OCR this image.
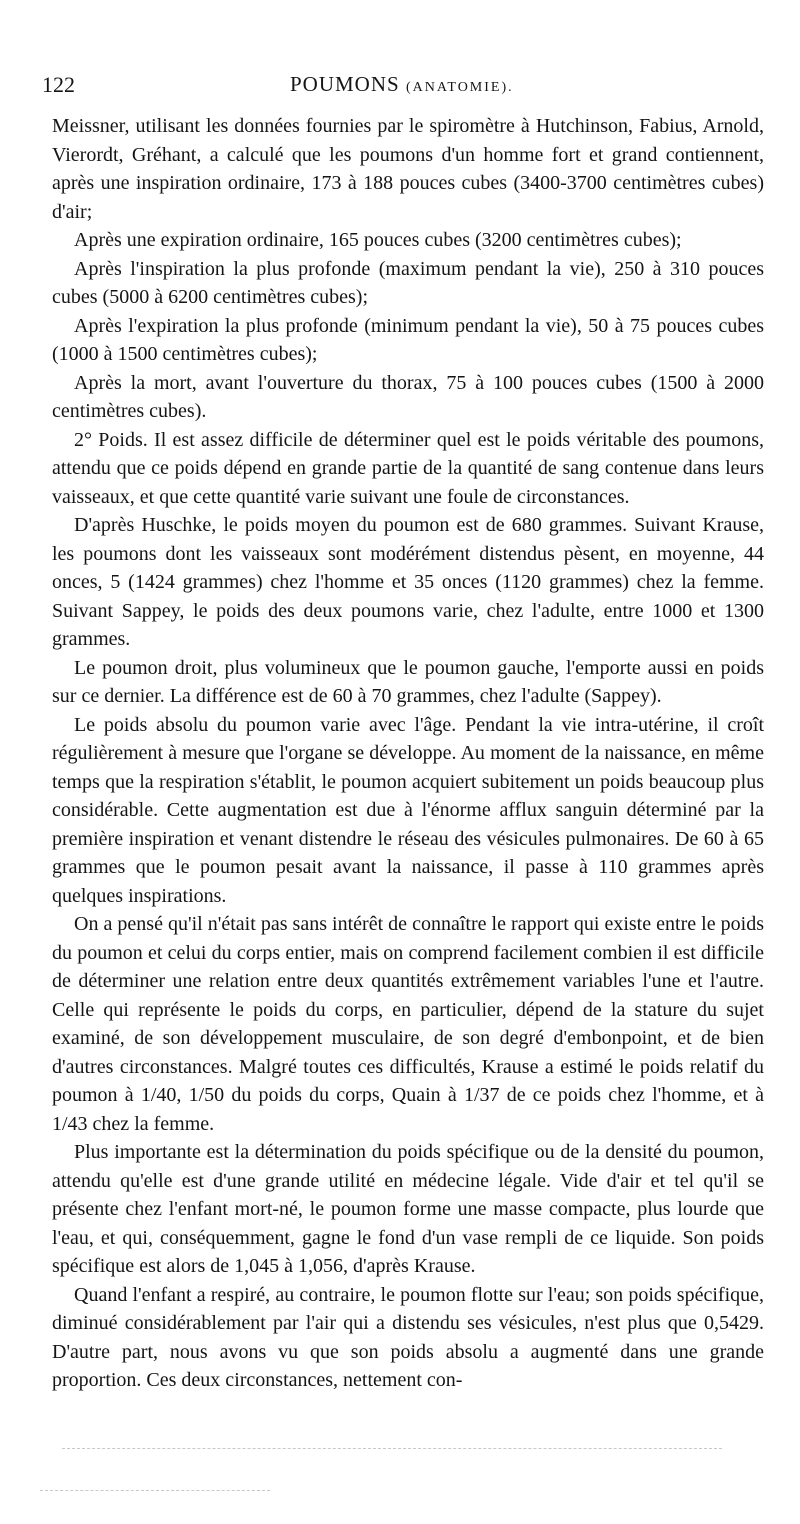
122	POUMONS (ANATOMIE).

Meissner, utilisant les données fournies par le spiromètre à Hutchinson, Fabius, Arnold, Vierordt, Gréhant, a calculé que les poumons d'un homme fort et grand contiennent, après une inspiration ordinaire, 173 à 188 pouces cubes (3400-3700 centimètres cubes) d'air;

Après une expiration ordinaire, 165 pouces cubes (3200 centimètres cubes);

Après l'inspiration la plus profonde (maximum pendant la vie), 250 à 310 pouces cubes (5000 à 6200 centimètres cubes);

Après l'expiration la plus profonde (minimum pendant la vie), 50 à 75 pouces cubes (1000 à 1500 centimètres cubes);

Après la mort, avant l'ouverture du thorax, 75 à 100 pouces cubes (1500 à 2000 centimètres cubes).

2° Poids. Il est assez difficile de déterminer quel est le poids véritable des poumons, attendu que ce poids dépend en grande partie de la quantité de sang contenue dans leurs vaisseaux, et que cette quantité varie suivant une foule de circonstances.

D'après Huschke, le poids moyen du poumon est de 680 grammes. Suivant Krause, les poumons dont les vaisseaux sont modérément distendus pèsent, en moyenne, 44 onces, 5 (1424 grammes) chez l'homme et 35 onces (1120 grammes) chez la femme. Suivant Sappey, le poids des deux poumons varie, chez l'adulte, entre 1000 et 1300 grammes.

Le poumon droit, plus volumineux que le poumon gauche, l'emporte aussi en poids sur ce dernier. La différence est de 60 à 70 grammes, chez l'adulte (Sappey).

Le poids absolu du poumon varie avec l'âge. Pendant la vie intra-utérine, il croît régulièrement à mesure que l'organe se développe. Au moment de la naissance, en même temps que la respiration s'établit, le poumon acquiert subitement un poids beaucoup plus considérable. Cette augmentation est due à l'énorme afflux sanguin déterminé par la première inspiration et venant distendre le réseau des vésicules pulmonaires. De 60 à 65 grammes que le poumon pesait avant la naissance, il passe à 110 grammes après quelques inspirations.

On a pensé qu'il n'était pas sans intérêt de connaître le rapport qui existe entre le poids du poumon et celui du corps entier, mais on comprend facilement combien il est difficile de déterminer une relation entre deux quantités extrêmement variables l'une et l'autre. Celle qui représente le poids du corps, en particulier, dépend de la stature du sujet examiné, de son développement musculaire, de son degré d'embonpoint, et de bien d'autres circonstances. Malgré toutes ces difficultés, Krause a estimé le poids relatif du poumon à 1/40, 1/50 du poids du corps, Quain à 1/37 de ce poids chez l'homme, et à 1/43 chez la femme.

Plus importante est la détermination du poids spécifique ou de la densité du poumon, attendu qu'elle est d'une grande utilité en médecine légale. Vide d'air et tel qu'il se présente chez l'enfant mort-né, le poumon forme une masse compacte, plus lourde que l'eau, et qui, conséquemment, gagne le fond d'un vase rempli de ce liquide. Son poids spécifique est alors de 1,045 à 1,056, d'après Krause.

Quand l'enfant a respiré, au contraire, le poumon flotte sur l'eau; son poids spécifique, diminué considérablement par l'air qui a distendu ses vésicules, n'est plus que 0,5429. D'autre part, nous avons vu que son poids absolu a augmenté dans une grande proportion. Ces deux circonstances, nettement con-
